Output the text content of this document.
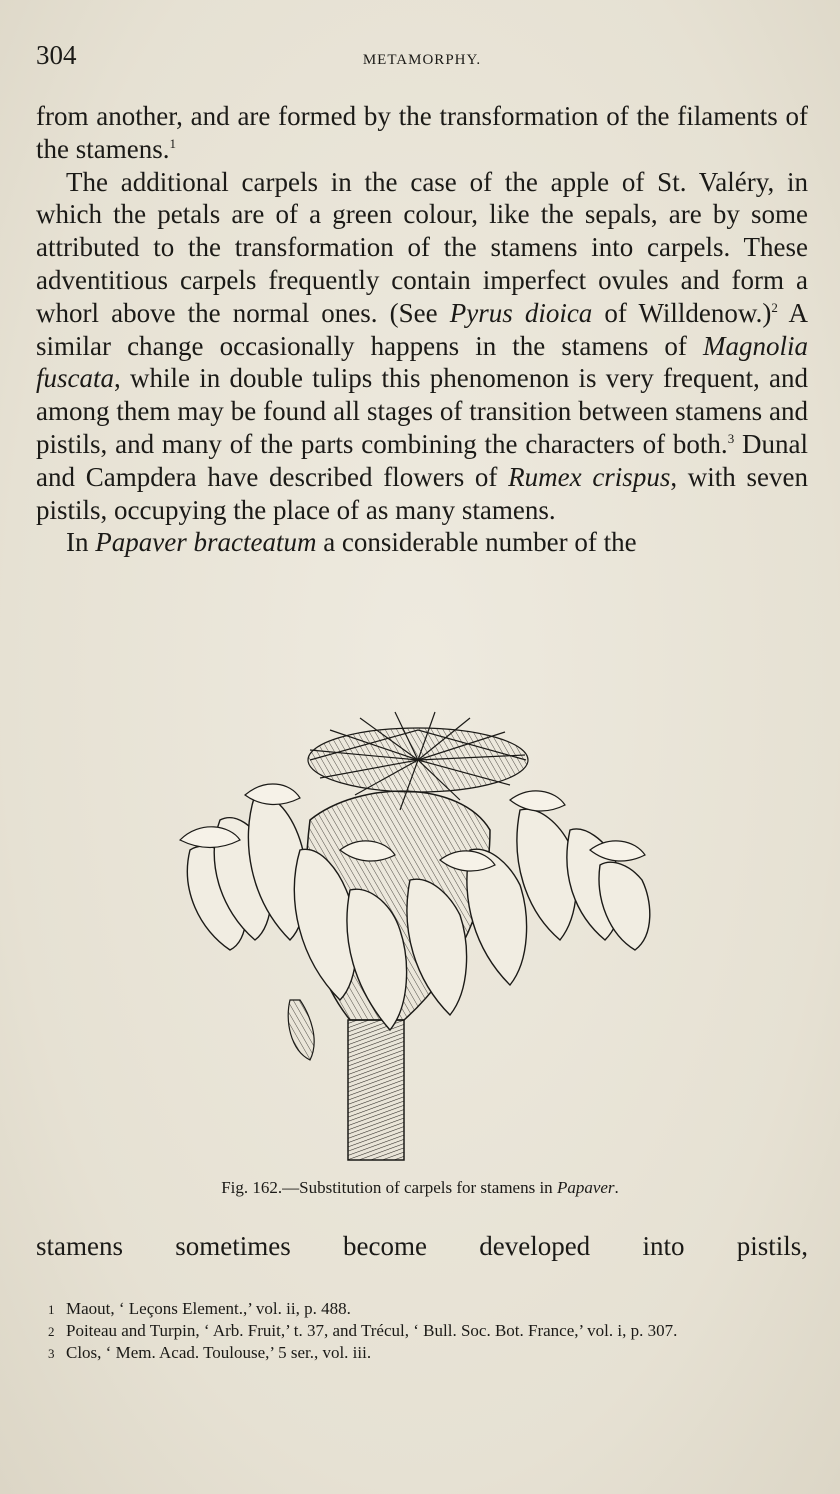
304	METAMORPHY.

from another, and are formed by the transformation of the filaments of the stamens.$^1$

The additional carpels in the case of the apple of St. Valéry, in which the petals are of a green colour, like the sepals, are by some attributed to the transformation of the stamens into carpels. These adventitious carpels frequently contain imperfect ovules and form a whorl above the normal ones. (See Pyrus dioica of Willdenow.)$^2$ A similar change occasionally happens in the stamens of Magnolia fuscata, while in double tulips this phenomenon is very frequent, and among them may be found all stages of transition between stamens and pistils, and many of the parts combining the characters of both.$^3$ Dunal and Campdera have described flowers of Rumex crispus, with seven pistils, occupying the place of as many stamens.

In Papaver bracteatum a considerable number of the

Fig. 162.—Substitution of carpels for stamens in Papaver.

stamens sometimes become developed into pistils,

1 Maout, ‘ Leçons Element.,’ vol. ii, p. 488.

2 Poiteau and Turpin, ‘ Arb. Fruit,’ t. 37, and Trécul, ‘ Bull. Soc. Bot. France,’ vol. i, p. 307.

3 Clos, ‘ Mem. Acad. Toulouse,’ 5 ser., vol. iii.
